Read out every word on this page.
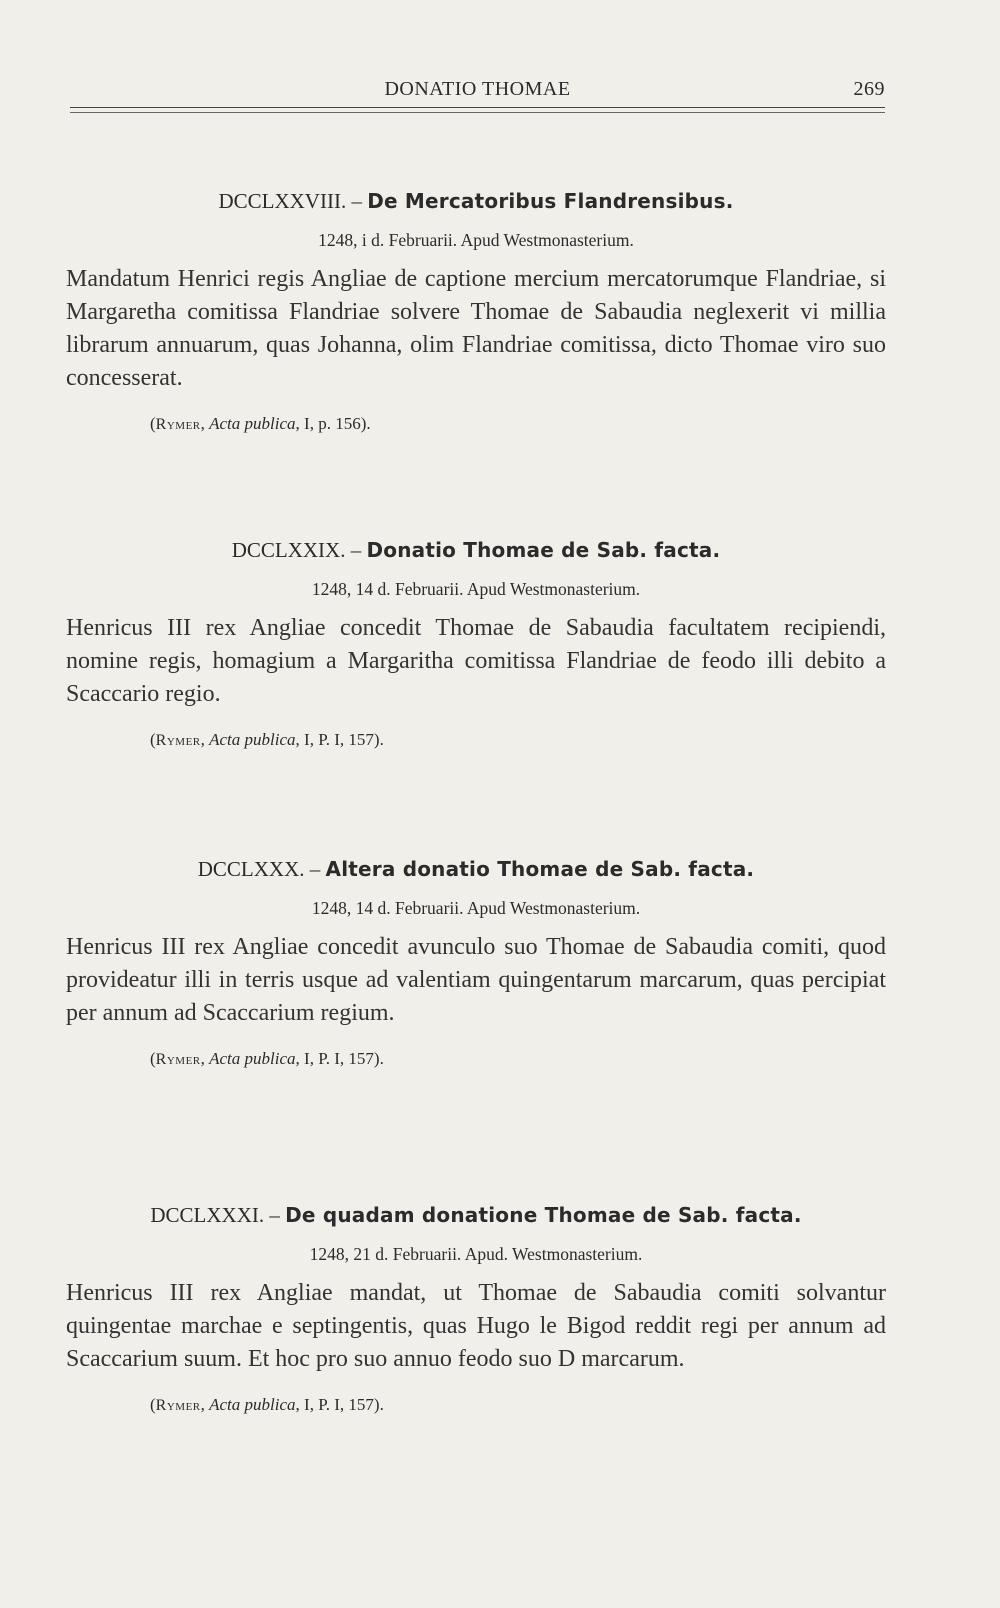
DONATIO THOMAE	269
DCCLXXVIII. – De Mercatoribus Flandrensibus.
1248, i d. Februarii. Apud Westmonasterium.
Mandatum Henrici regis Angliae de captione mercium mercatorumque Flandriae, si Margaretha comitissa Flandriae solvere Thomae de Sabaudia neglexerit vi millia librarum annuarum, quas Johanna, olim Flandriae comitissa, dicto Thomae viro suo concesserat.
(Rymer, Acta publica, I, p. 156).
DCCLXXIX. – Donatio Thomae de Sab. facta.
1248, 14 d. Februarii. Apud Westmonasterium.
Henricus III rex Angliae concedit Thomae de Sabaudia facultatem recipiendi, nomine regis, homagium a Margaritha comitissa Flandriae de feodo illi debito a Scaccario regio.
(Rymer, Acta publica, I, P. I, 157).
DCCLXXX. – Altera donatio Thomae de Sab. facta.
1248, 14 d. Februarii. Apud Westmonasterium.
Henricus III rex Angliae concedit avunculo suo Thomae de Sabaudia comiti, quod provideatur illi in terris usque ad valentiam quingentarum marcarum, quas percipiat per annum ad Scaccarium regium.
(Rymer, Acta publica, I, P. I, 157).
DCCLXXXI. – De quadam donatione Thomae de Sab. facta.
1248, 21 d. Februarii. Apud. Westmonasterium.
Henricus III rex Angliae mandat, ut Thomae de Sabaudia comiti solvantur quingentae marchae e septingentis, quas Hugo le Bigod reddit regi per annum ad Scaccarium suum. Et hoc pro suo annuo feodo suo D marcarum.
(Rymer, Acta publica, I, P. I, 157).
